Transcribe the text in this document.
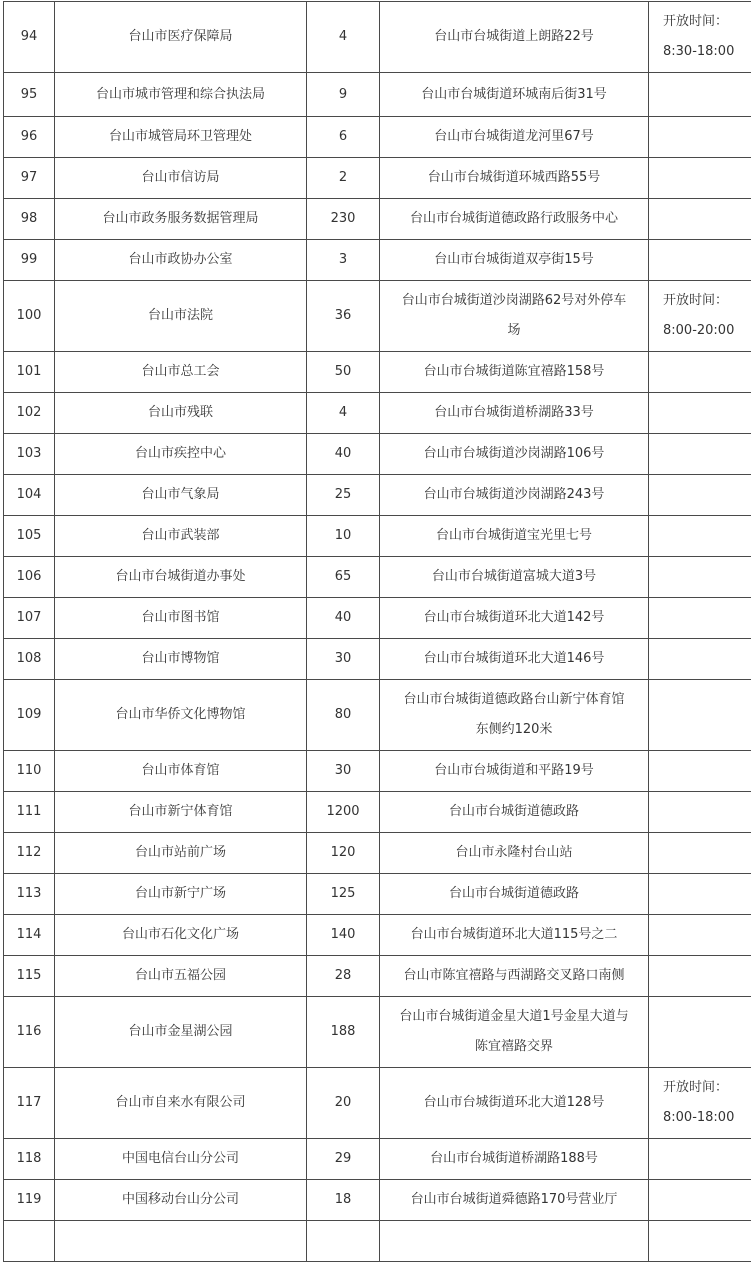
94	台山市医疗保障局	4	台山市台城街道上朗路22号	开放时间：
8:30-18:00

95	台山市城市管理和综合执法局	9	台山市台城街道环城南后街31号	

96	台山市城管局环卫管理处	6	台山市台城街道龙河里67号	

97	台山市信访局	2	台山市台城街道环城西路55号	

98	台山市政务服务数据管理局	230	台山市台城街道德政路行政服务中心	

99	台山市政协办公室	3	台山市台城街道双亭街15号	

100	台山市法院	36	台山市台城街道沙岗湖路62号对外停车
场	开放时间：
8:00-20:00

101	台山市总工会	50	台山市台城街道陈宜禧路158号	

102	台山市残联	4	台山市台城街道桥湖路33号	

103	台山市疾控中心	40	台山市台城街道沙岗湖路106号	

104	台山市气象局	25	台山市台城街道沙岗湖路243号	

105	台山市武装部	10	台山市台城街道宝光里七号	

106	台山市台城街道办事处	65	台山市台城街道富城大道3号	

107	台山市图书馆	40	台山市台城街道环北大道142号	

108	台山市博物馆	30	台山市台城街道环北大道146号	

109	台山市华侨文化博物馆	80	台山市台城街道德政路台山新宁体育馆
东侧约120米	

110	台山市体育馆	30	台山市台城街道和平路19号	

111	台山市新宁体育馆	1200	台山市台城街道德政路	

112	台山市站前广场	120	台山市永隆村台山站	

113	台山市新宁广场	125	台山市台城街道德政路	

114	台山市石化文化广场	140	台山市台城街道环北大道115号之二	

115	台山市五福公园	28	台山市陈宜禧路与西湖路交叉路口南侧	

116	台山市金星湖公园	188	台山市台城街道金星大道1号金星大道与
陈宜禧路交界	

117	台山市自来水有限公司	20	台山市台城街道环北大道128号	开放时间：
8:00-18:00

118	中国电信台山分公司	29	台山市台城街道桥湖路188号	

119	中国移动台山分公司	18	台山市台城街道舜德路170号营业厅	
